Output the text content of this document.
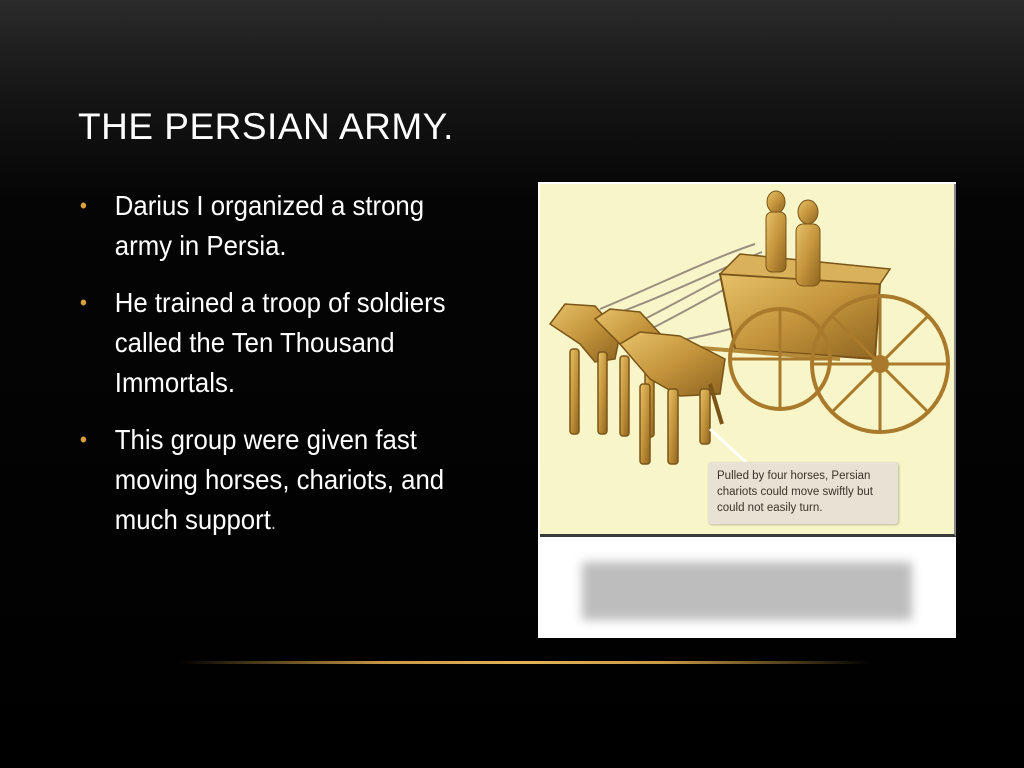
THE PERSIAN ARMY.
• Darius I organized a strong army in Persia.
• He trained a troop of soldiers called the Ten Thousand Immortals.
• This group were given fast moving horses, chariots, and much support.

Pulled by four horses, Persian chariots could move swiftly but could not easily turn.
